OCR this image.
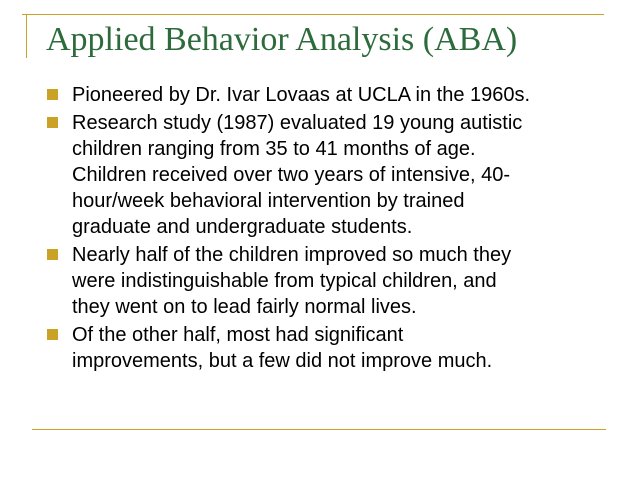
Applied Behavior Analysis (ABA)
Pioneered by Dr. Ivar Lovaas at UCLA in the 1960s.
Research study (1987) evaluated 19 young autistic
children ranging from 35 to 41 months of age.
Children received over two years of intensive, 40-
hour/week behavioral intervention by trained
graduate and undergraduate students.
Nearly half of the children improved so much they
were indistinguishable from typical children, and
they went on to lead fairly normal lives.
Of the other half, most had significant
improvements, but a few did not improve much.
